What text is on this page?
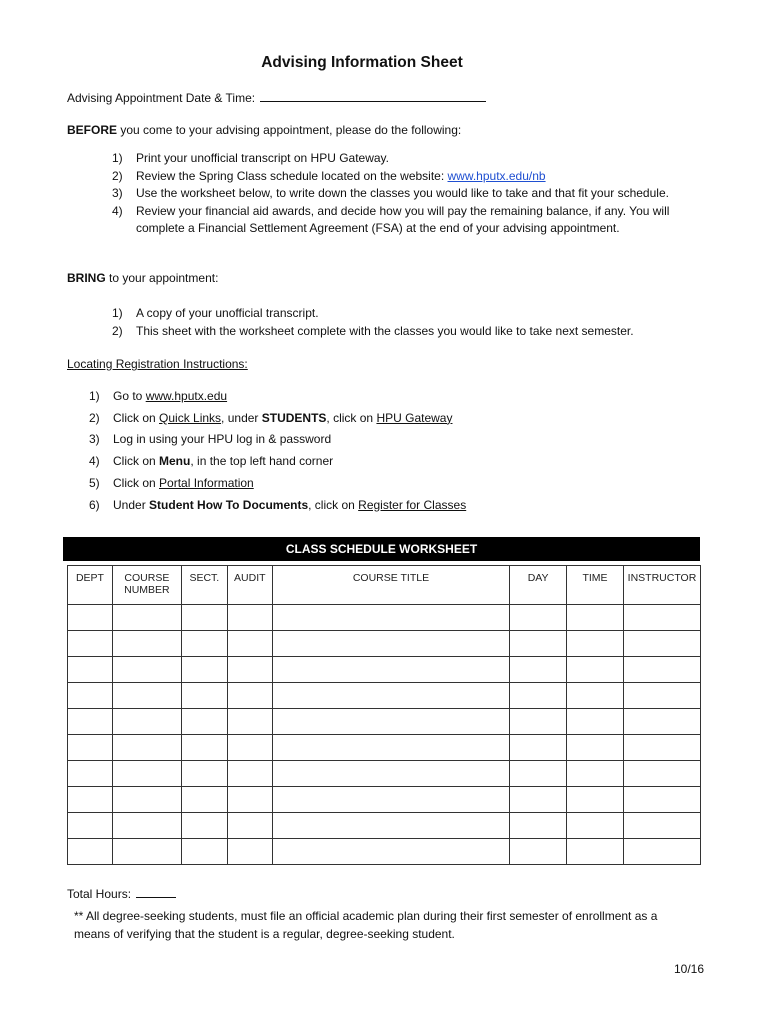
Advising Information Sheet
Advising Appointment Date & Time:
BEFORE you come to your advising appointment, please do the following:
1) Print your unofficial transcript on HPU Gateway.
2) Review the Spring Class schedule located on the website: www.hputx.edu/nb
3) Use the worksheet below, to write down the classes you would like to take and that fit your schedule.
4) Review your financial aid awards, and decide how you will pay the remaining balance, if any. You will complete a Financial Settlement Agreement (FSA) at the end of your advising appointment.
BRING to your appointment:
1) A copy of your unofficial transcript.
2) This sheet with the worksheet complete with the classes you would like to take next semester.
Locating Registration Instructions:
1) Go to www.hputx.edu
2) Click on Quick Links, under STUDENTS, click on HPU Gateway
3) Log in using your HPU log in & password
4) Click on Menu, in the top left hand corner
5) Click on Portal Information
6) Under Student How To Documents, click on Register for Classes
CLASS SCHEDULE WORKSHEET
DEPT	COURSE NUMBER	SECT.	AUDIT	COURSE TITLE	DAY	TIME	INSTRUCTOR

Total Hours:
** All degree-seeking students, must file an official academic plan during their first semester of enrollment as a means of verifying that the student is a regular, degree-seeking student.
10/16
